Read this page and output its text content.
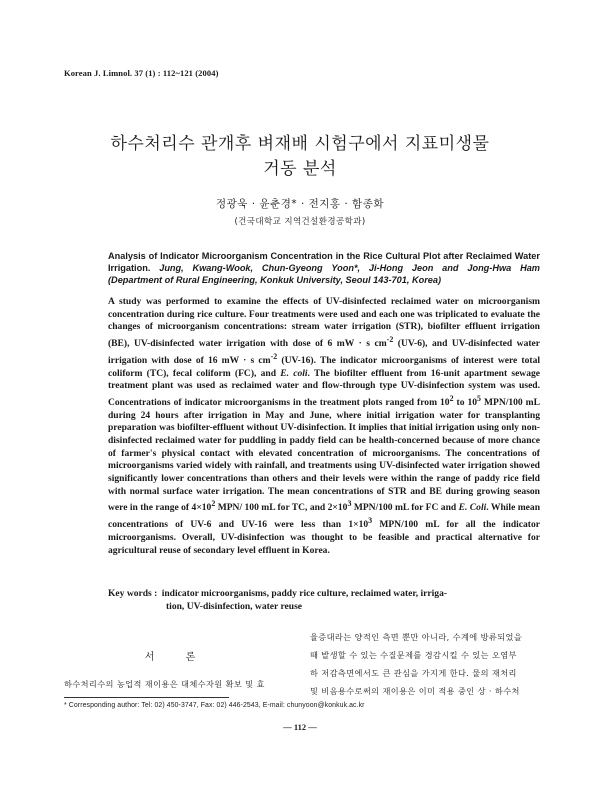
Korean J. Limnol. 37 (1) : 112~121 (2004)
하수처리수 관개후 벼재배 시험구에서 지표미생물
거동 분석
정광욱 · 윤춘경* · 전지홍 · 함종화
(건국대학교 지역건설환경공학과)
Analysis of Indicator Microorganism Concentration in the Rice Cultural Plot after Reclaimed Water Irrigation. Jung, Kwang-Wook, Chun-Gyeong Yoon*, Ji-Hong Jeon and Jong-Hwa Ham (Department of Rural Engineering, Konkuk University, Seoul 143-701, Korea)
A study was performed to examine the effects of UV-disinfected reclaimed water on microorganism concentration during rice culture. Four treatments were used and each one was triplicated to evaluate the changes of microorganism concentrations: stream water irrigation (STR), biofilter effluent irrigation (BE), UV-disinfected water irrigation with dose of 6 mW · s $cm^{-2}$ (UV-6), and UV-disinfected water irrigation with dose of 16 mW · s $cm^{-2}$ (UV-16). The indicator microorganisms of interest were total coliform (TC), fecal coliform (FC), and E. coli. The biofilter effluent from 16-unit apartment sewage treatment plant was used as reclaimed water and flow-through type UV-disinfection system was used. Concentrations of indicator microorganisms in the treatment plots ranged from $10^2$ to $10^5$ MPN/100 mL during 24 hours after irrigation in May and June, where initial irrigation water for transplanting preparation was biofilter-effluent without UV-disinfection. It implies that initial irrigation using only non-disinfected reclaimed water for puddling in paddy field can be health-concerned because of more chance of farmer's physical contact with elevated concentration of microorganisms. The concentrations of microorganisms varied widely with rainfall, and treatments using UV-disinfected water irrigation showed significantly lower concentrations than others and their levels were within the range of paddy rice field with normal surface water irrigation. The mean concentrations of STR and BE during growing season were in the range of $4\times 10^2$ MPN/ 100 mL for TC, and $2\times 10^3$ MPN/100 mL for FC and E. Coli. While mean concentrations of UV-6 and UV-16 were less than $1\times 10^3$ MPN/100 mL for all the indicator microorganisms. Overall, UV-disinfection was thought to be feasible and practical alternative for agricultural reuse of secondary level effluent in Korea.
Key words : indicator microorganisms, paddy rice culture, reclaimed water, irriga-
tion, UV-disinfection, water reuse
서 론
하수처리수의 농업적 재이용은 대체수자원 확보 및 효
율증대라는 양적인 측면 뿐만 아니라, 수계에 방류되었을
때 발생할 수 있는 수질문제를 경감시킬 수 있는 오염부
하 저감측면에서도 큰 관심을 가지게 한다. 물의 재처리
및 비음용수로써의 재이용은 이미 적용 중인 상 · 하수처
* Corresponding author: Tel: 02) 450-3747, Fax: 02) 446-2543, E-mail: chunyoon@konkuk.ac.kr
— 112 —
